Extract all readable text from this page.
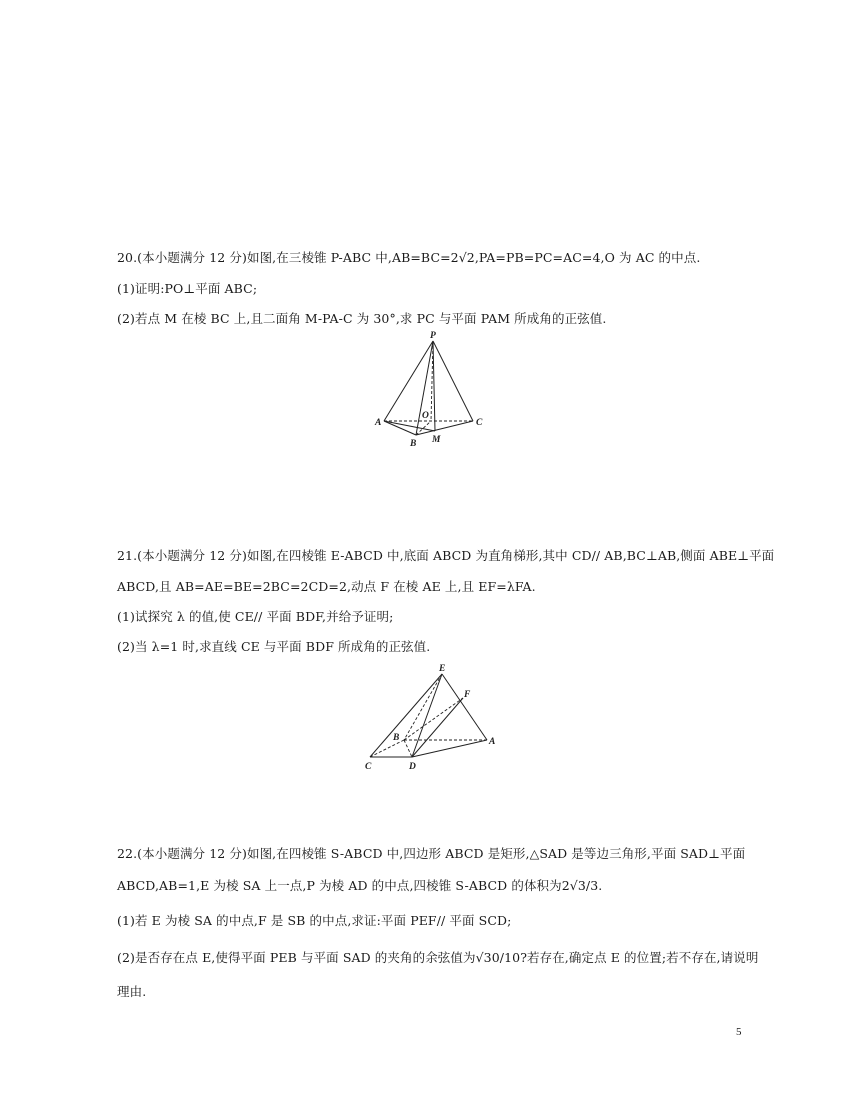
20.(本小题满分 12 分)如图,在三棱锥 P-ABC 中,AB=BC=2√2,PA=PB=PC=AC=4,O 为 AC 的中点.
(1)证明:PO⊥平面 ABC;
(2)若点 M 在棱 BC 上,且二面角 M-PA-C 为 30°,求 PC 与平面 PAM 所成角的正弦值.
P
A	C
O
B M
21.(本小题满分 12 分)如图,在四棱锥 E-ABCD 中,底面 ABCD 为直角梯形,其中 CD// AB,BC⊥AB,侧面 ABE⊥平面
ABCD,且 AB=AE=BE=2BC=2CD=2,动点 F 在棱 AE 上,且 EF=λFA.
(1)试探究 λ 的值,使 CE// 平面 BDF,并给予证明;
(2)当 λ=1 时,求直线 CE 与平面 BDF 所成角的正弦值.
E
F
B	A
C	D
22.(本小题满分 12 分)如图,在四棱锥 S-ABCD 中,四边形 ABCD 是矩形,△SAD 是等边三角形,平面 SAD⊥平面
ABCD,AB=1,E 为棱 SA 上一点,P 为棱 AD 的中点,四棱锥 S-ABCD 的体积为2√3/3.
(1)若 E 为棱 SA 的中点,F 是 SB 的中点,求证:平面 PEF// 平面 SCD;
(2)是否存在点 E,使得平面 PEB 与平面 SAD 的夹角的余弦值为√30/10?若存在,确定点 E 的位置;若不存在,请说明
理由.
5
